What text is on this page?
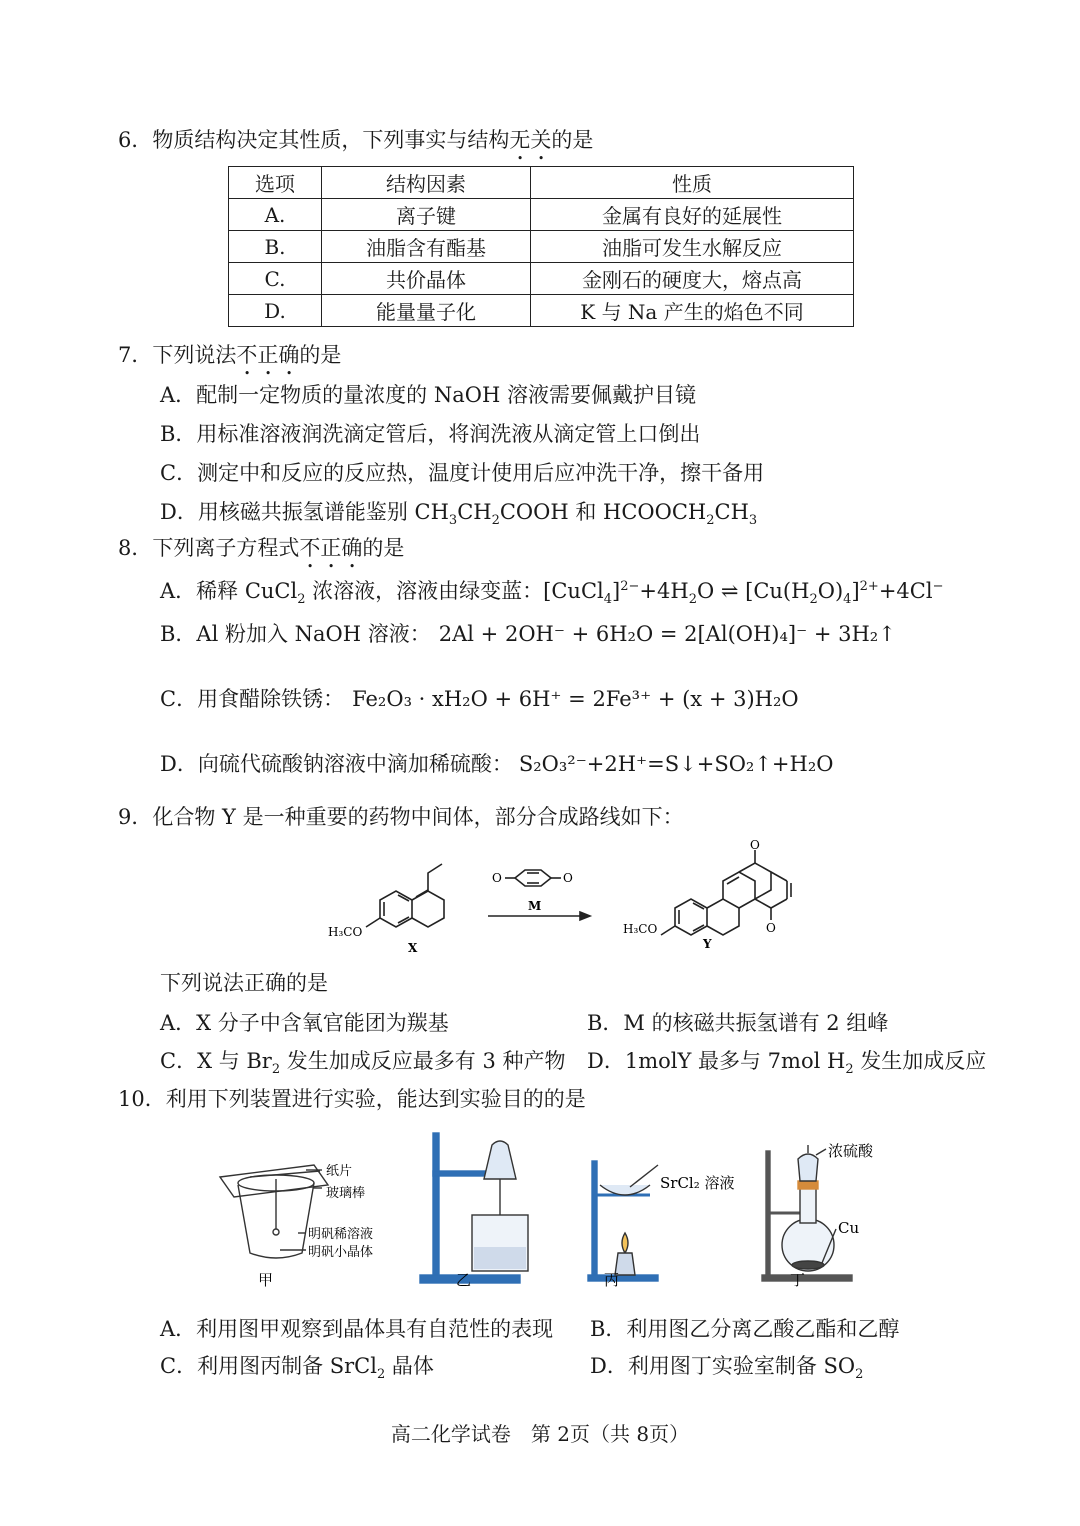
6．物质结构决定其性质，下列事实与结构无关的是
选项	结构因素	性质
A.	离子键	金属有良好的延展性
B.	油脂含有酯基	油脂可发生水解反应
C.	共价晶体	金刚石的硬度大，熔点高
D.	能量量子化	K 与 Na 产生的焰色不同
7．下列说法不正确的是
A．配制一定物质的量浓度的 NaOH 溶液需要佩戴护目镜
B．用标准溶液润洗滴定管后，将润洗液从滴定管上口倒出
C．测定中和反应的反应热，温度计使用后应冲洗干净，擦干备用
D．用核磁共振氢谱能鉴别 $CH_3CH_2COOH$ 和 $HCOOCH_2CH_3$
8．下列离子方程式不正确的是
A．稀释 CuCl$_2$ 浓溶液，溶液由绿变蓝：$[CuCl_4]^{2-}+4H_2O$ ⇌ $[Cu(H_2O)_4]^{2+}+4Cl^-$
B．Al 粉加入 NaOH 溶液： 2Al + 2OH⁻ + 6H₂O = 2[Al(OH)₄]⁻ + 3H₂↑
C．用食醋除铁锈： Fe₂O₃ · xH₂O + 6H⁺ = 2Fe³⁺ + (x + 3)H₂O
D．向硫代硫酸钠溶液中滴加稀硫酸： S₂O₃²⁻+2H⁺=S↓+SO₂↑+H₂O
9．化合物 Y 是一种重要的药物中间体，部分合成路线如下：
H₃CO
X
O	O
M
H₃CO
Y
O
O
下列说法正确的是
A．X 分子中含氧官能团为羰基	B．M 的核磁共振氢谱有 2 组峰
C．X 与 $Br_2$ 发生加成反应最多有 3 种产物 D．1molY 最多与 7mol $H_2$ 发生加成反应
10．利用下列装置进行实验，能达到实验目的的是
纸片
玻璃棒
明矾稀溶液
明矾小晶体
SrCl₂ 溶液
浓硫酸
Cu
甲	乙	丙	丁
A．利用图甲观察到晶体具有自范性的表现 B．利用图乙分离乙酸乙酯和乙醇
C．利用图丙制备 SrCl$_2$ 晶体	D．利用图丁实验室制备 $SO_2$
高二化学试卷　第 2页（共 8页）
